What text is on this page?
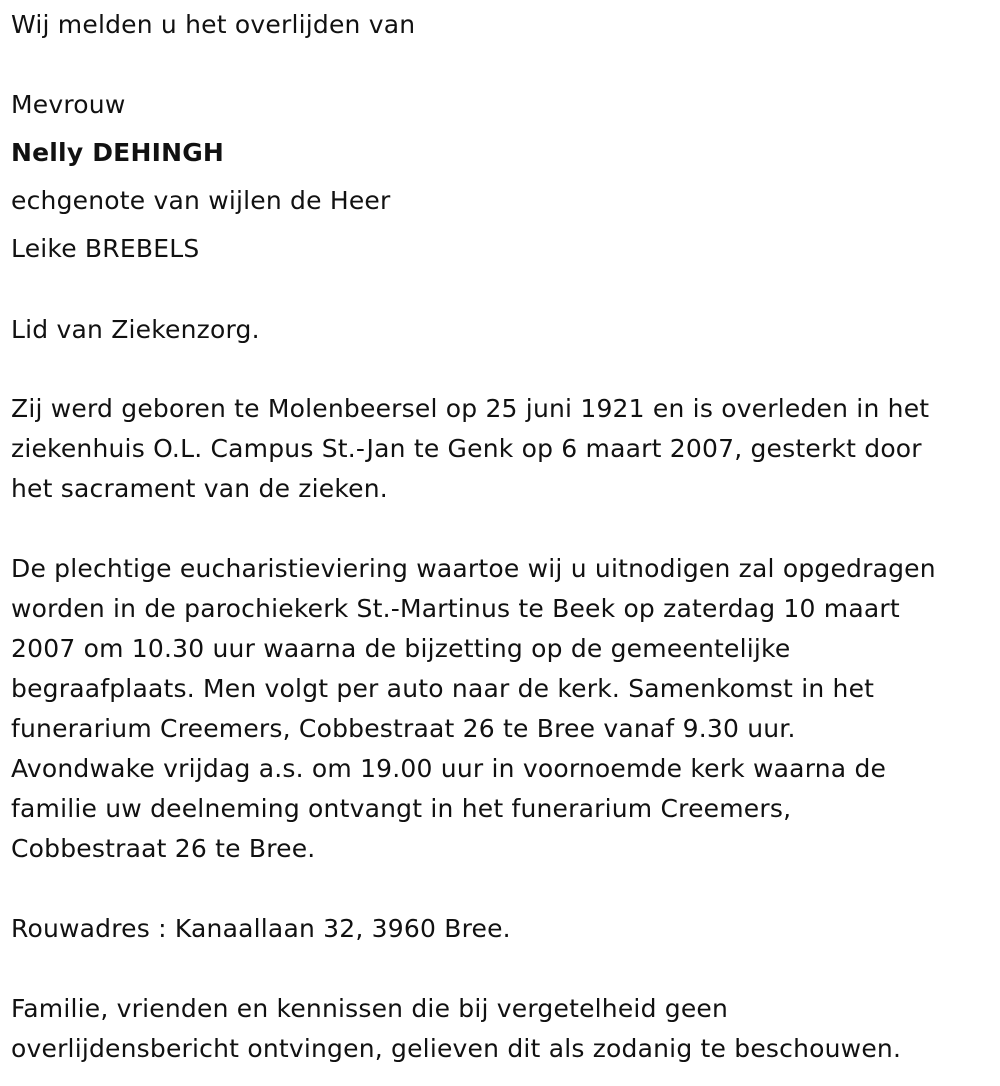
Wij melden u het overlijden van
Mevrouw
Nelly DEHINGH
echgenote van wijlen de Heer
Leike BREBELS
Lid van Ziekenzorg.
Zij werd geboren te Molenbeersel op 25 juni 1921 en is overleden in het
ziekenhuis O.L. Campus St.-Jan te Genk op 6 maart 2007, gesterkt door
het sacrament van de zieken.
De plechtige eucharistieviering waartoe wij u uitnodigen zal opgedragen
worden in de parochiekerk St.-Martinus te Beek op zaterdag 10 maart
2007 om 10.30 uur waarna de bijzetting op de gemeentelijke
begraafplaats. Men volgt per auto naar de kerk. Samenkomst in het
funerarium Creemers, Cobbestraat 26 te Bree vanaf 9.30 uur.
Avondwake vrijdag a.s. om 19.00 uur in voornoemde kerk waarna de
familie uw deelneming ontvangt in het funerarium Creemers,
Cobbestraat 26 te Bree.
Rouwadres : Kanaallaan 32, 3960 Bree.
Familie, vrienden en kennissen die bij vergetelheid geen
overlijdensbericht ontvingen, gelieven dit als zodanig te beschouwen.
